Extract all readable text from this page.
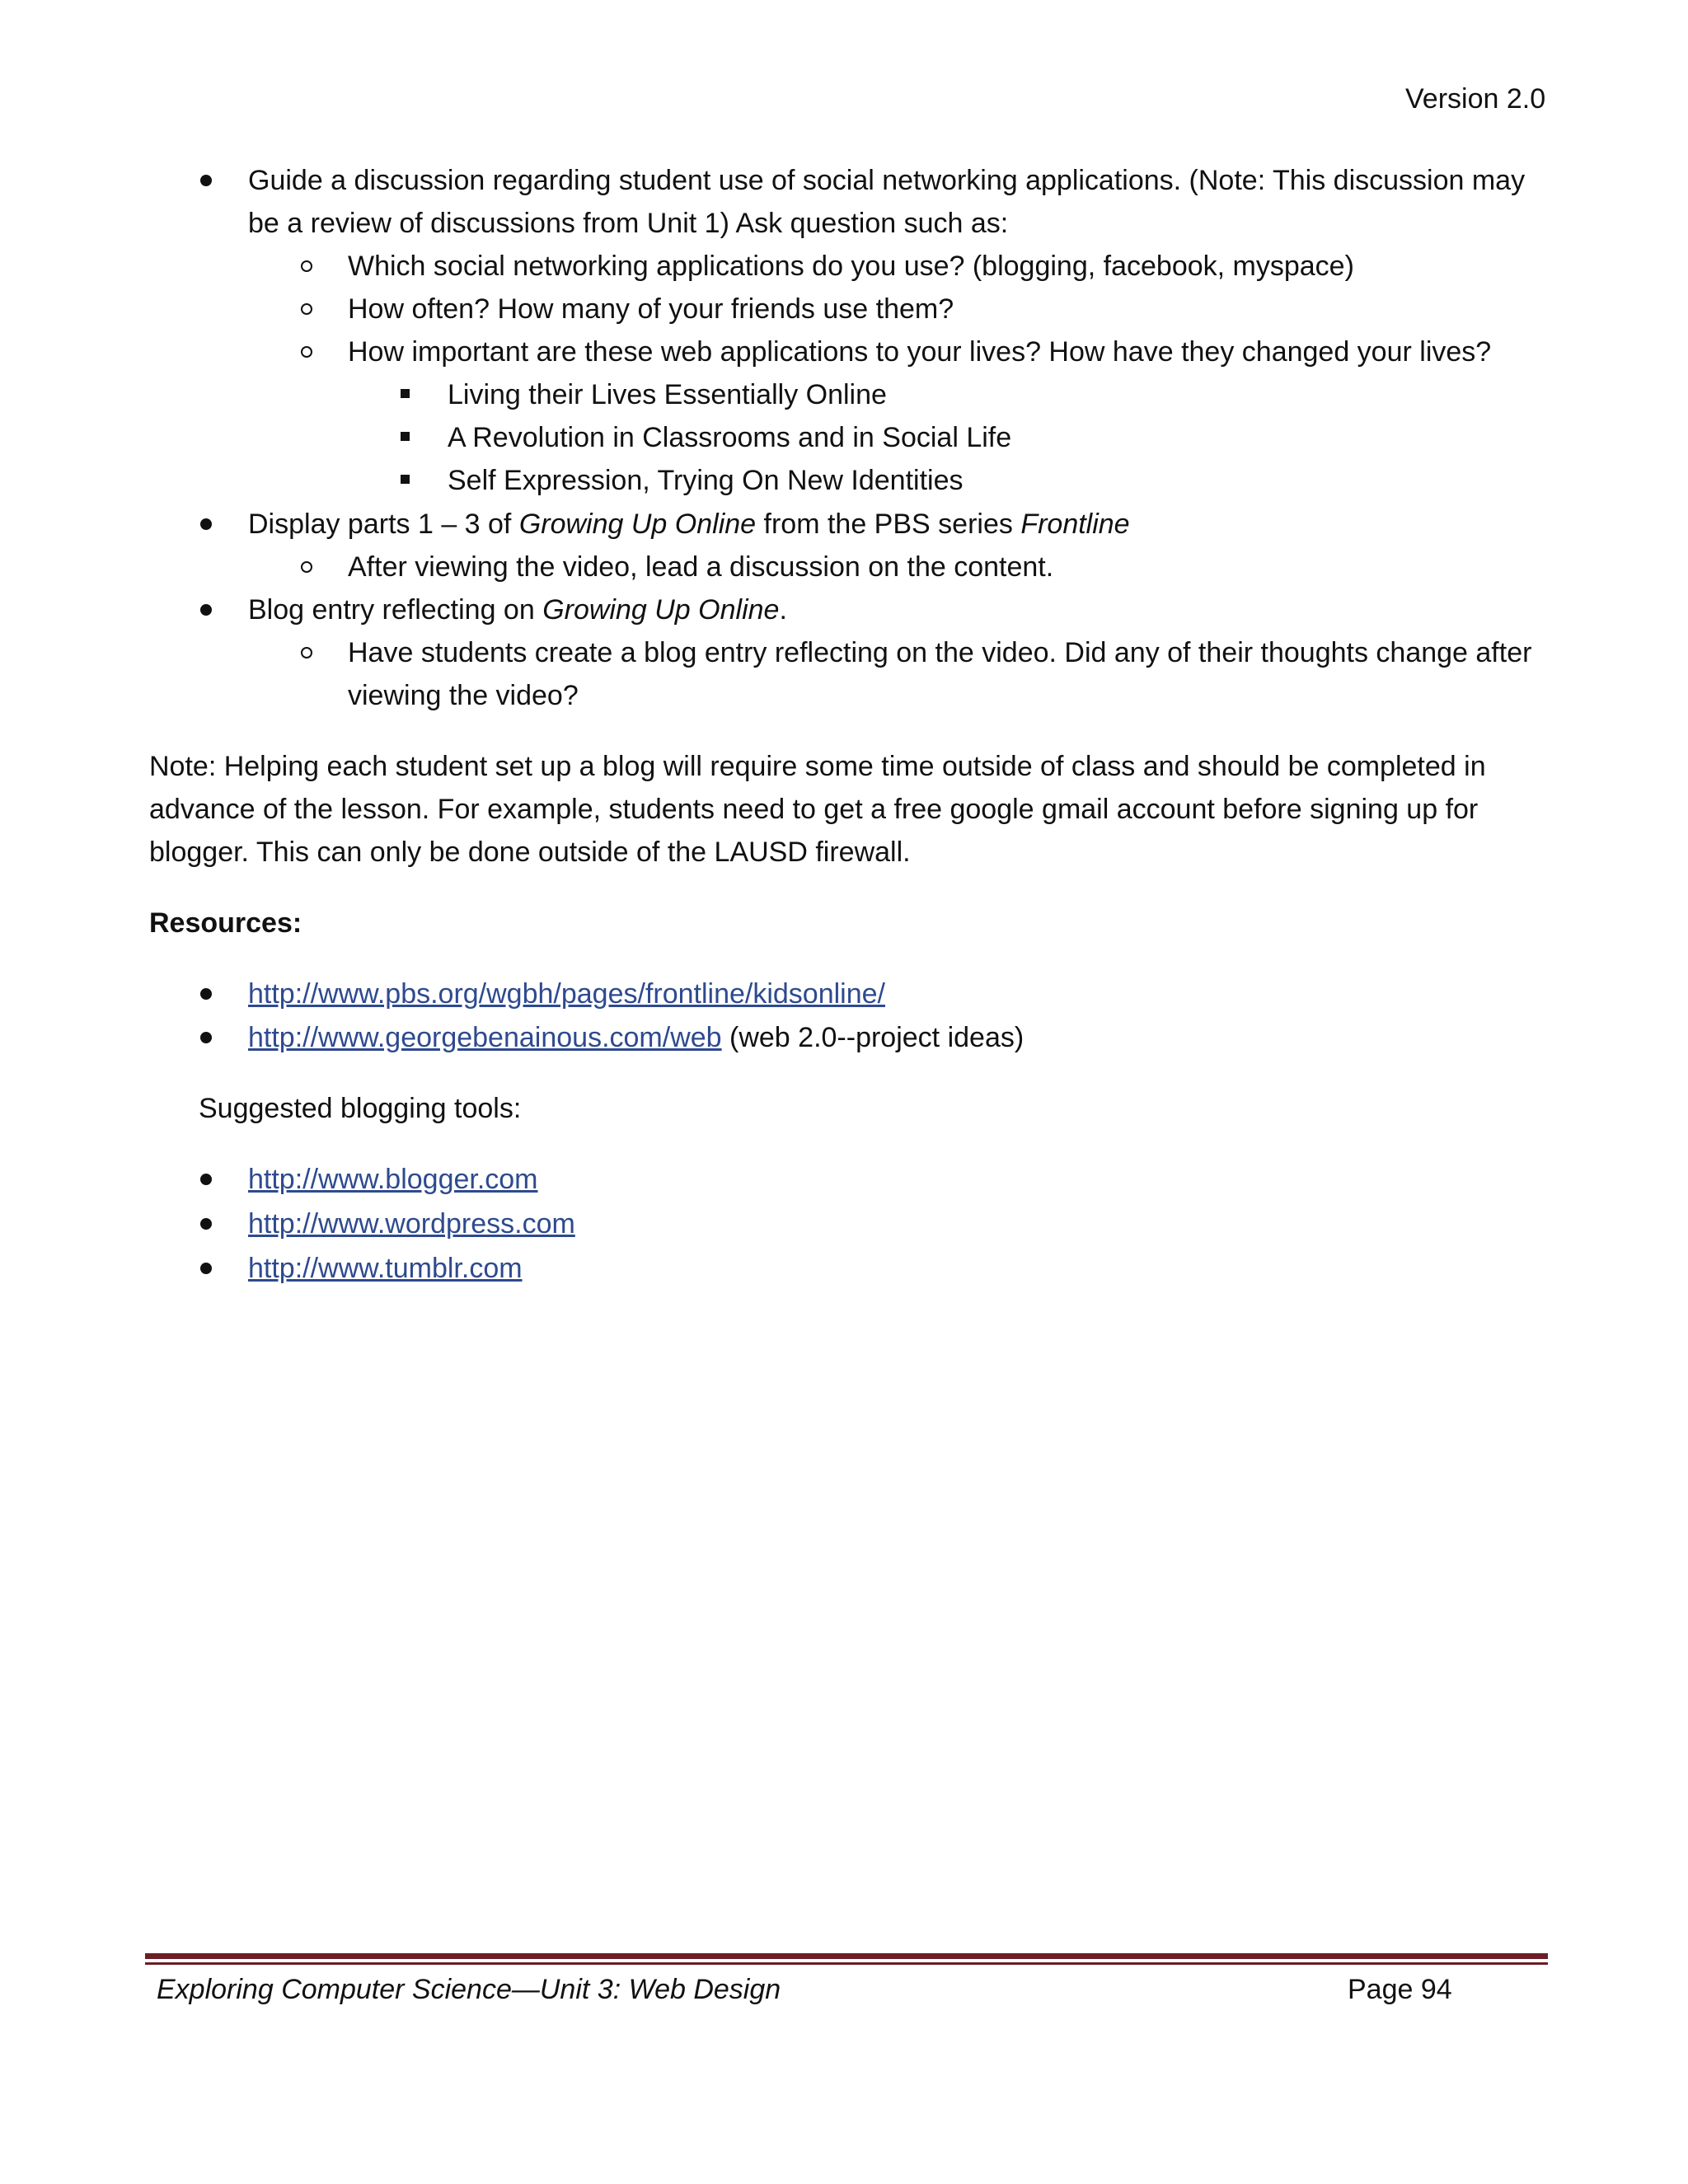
Version 2.0
Guide a discussion regarding student use of social networking applications. (Note: This discussion may
be a review of discussions from Unit 1) Ask question such as:
Which social networking applications do you use? (blogging, facebook, myspace)
How often? How many of your friends use them?
How important are these web applications to your lives? How have they changed your lives?
Living their Lives Essentially Online
A Revolution in Classrooms and in Social Life
Self Expression, Trying On New Identities
Display parts 1 – 3 of Growing Up Online from the PBS series Frontline
After viewing the video, lead a discussion on the content.
Blog entry reflecting on Growing Up Online.
Have students create a blog entry reflecting on the video. Did any of their thoughts change after
viewing the video?
Note: Helping each student set up a blog will require some time outside of class and should be completed in
advance of the lesson. For example, students need to get a free google gmail account before signing up for
blogger. This can only be done outside of the LAUSD firewall.
Resources:
http://www.pbs.org/wgbh/pages/frontline/kidsonline/
http://www.georgebenainous.com/web (web 2.0--project ideas)
Suggested blogging tools:
http://www.blogger.com
http://www.wordpress.com
http://www.tumblr.com
Exploring Computer Science—Unit 3: Web Design	Page 94
